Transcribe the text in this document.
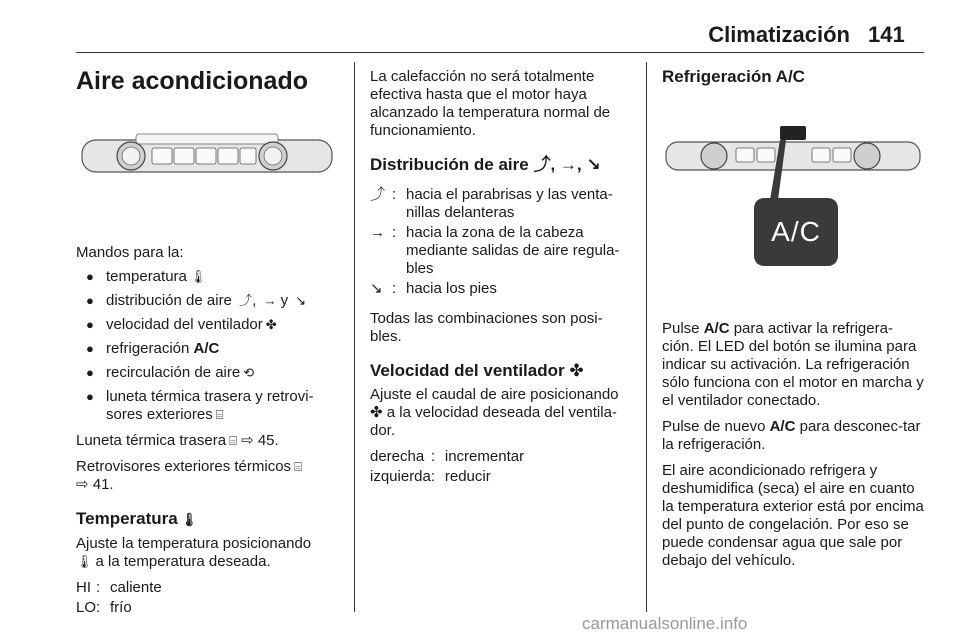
Climatización 141
Aire acondicionado

Mandos para la:

● temperatura 🌡︎
● distribución de aire ⤴, → y ↘
● velocidad del ventilador ✤
● refrigeración A/C
● recirculación de aire ⟲
● luneta térmica trasera y retrovi-
sores exteriores ⌸

Luneta térmica trasera ⌸ ⇨ 45.

Retrovisores exteriores térmicos ⌸
⇨ 41.

Temperatura 🌡︎

Ajuste la temperatura posicionando
🌡︎ a la temperatura deseada.

HI : caliente
LO : frío

La calefacción no será totalmente efectiva hasta que el motor haya alcanzado la temperatura normal de funcionamiento.

Distribución de aire ⤴, →, ↘
⤴ : hacia el parabrisas y las venta-
nillas delanteras
→ : hacia la zona de la cabeza
mediante salidas de aire regula-
bles
↘ : hacia los pies

Todas las combinaciones son posi-bles.

Velocidad del ventilador ✤

Ajuste el caudal de aire posicionando
✤ a la velocidad deseada del ventila-
dor.

derecha : incrementar
izquierda : reducir
Refrigeración A/C
A/C

Pulse A/C para activar la refrigera-ción. El LED del botón se ilumina para indicar su activación. La refrigeración sólo funciona con el motor en marcha y el ventilador conectado.

Pulse de nuevo A/C para desconec-tar la refrigeración.

El aire acondicionado refrigera y deshumidifica (seca) el aire en cuanto la temperatura exterior está por encima del punto de congelación. Por eso se puede condensar agua que sale por debajo del vehículo.

carmanualsonline.info
